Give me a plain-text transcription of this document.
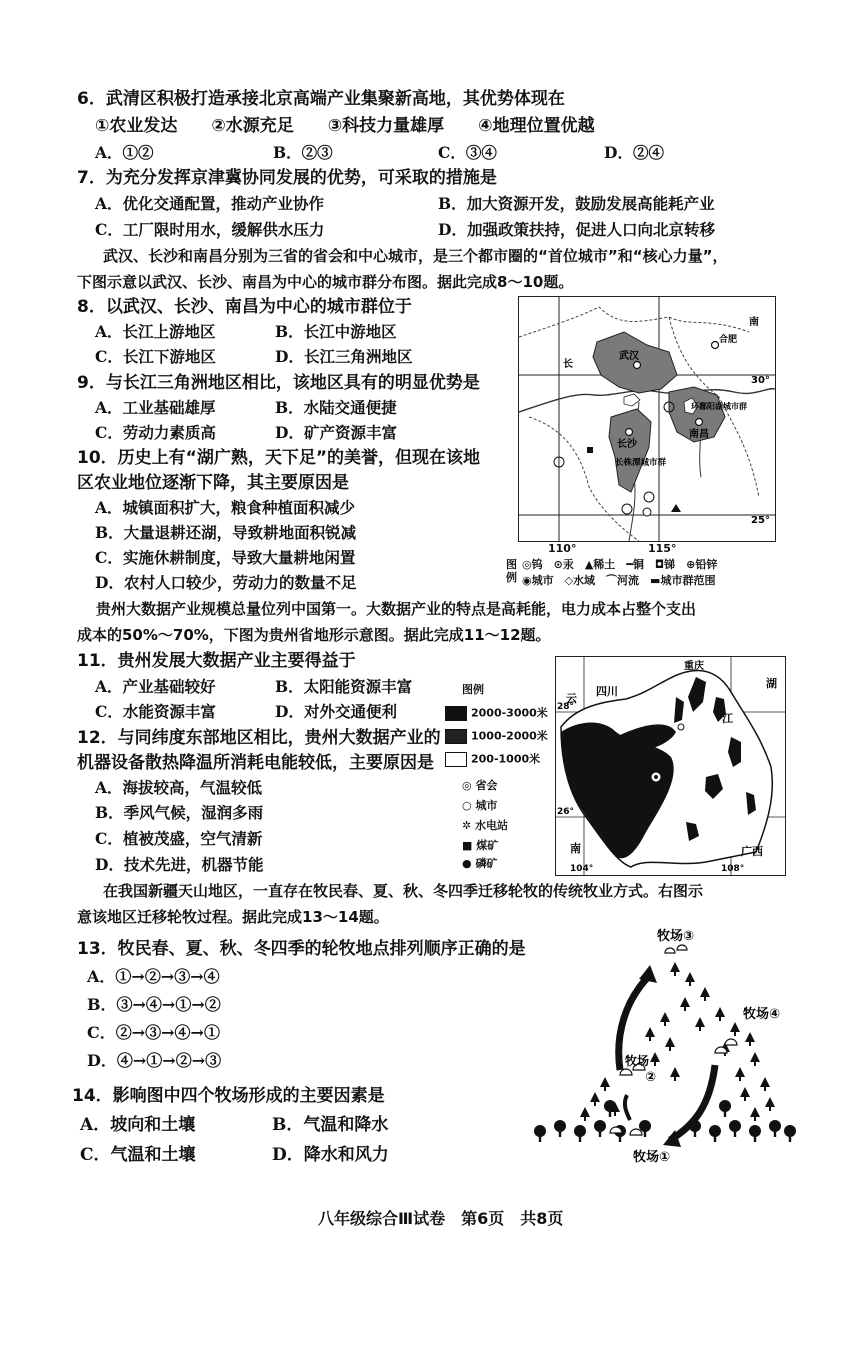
6．武清区积极打造承接北京高端产业集聚新高地，其优势体现在
①农业发达　　②水源充足　　③科技力量雄厚　　④地理位置优越
A．①②	B．②③	C．③④	D．②④
7．为充分发挥京津冀协同发展的优势，可采取的措施是
A．优化交通配置，推动产业协作	B．加大资源开发，鼓励发展高能耗产业
C．工厂限时用水，缓解供水压力	D．加强政策扶持，促进人口向北京转移
武汉、长沙和南昌分别为三省的省会和中心城市，是三个都市圈的“首位城市”和“核心力量”，
下图示意以武汉、长沙、南昌为中心的城市群分布图。据此完成8～10题。
8．以武汉、长沙、南昌为中心的城市群位于
A．长江上游地区	B．长江中游地区
C．长江下游地区	D．长江三角洲地区
9．与长江三角洲地区相比，该地区具有的明显优势是
A．工业基础雄厚	B．水陆交通便捷
C．劳动力素质高	D．矿产资源丰富
10．历史上有“湖广熟，天下足”的美誉，但现在该地
区农业地位逐渐下降，其主要原因是
A．城镇面积扩大，粮食种植面积减少
B．大量退耕还湖，导致耕地面积锐减
C．实施休耕制度，导致大量耕地闲置
D．农村人口较少，劳动力的数量不足
武汉
长沙
长株潭城市群
南昌
环鄱阳湖城市群
合肥
长
南
30°
25°
110°	115°
图例
◎钨　⊙汞　▲稀土　━铜　◘锑　⊕铅锌
◉城市　◇水域　⌒河流　▬城市群范围
贵州大数据产业规模总量位列中国第一。大数据产业的特点是高耗能，电力成本占整个支出
成本的50%～70%，下图为贵州省地形示意图。据此完成11～12题。
11．贵州发展大数据产业主要得益于
A．产业基础较好	B．太阳能资源丰富
C．水能资源丰富	D．对外交通便利
12．与同纬度东部地区相比，贵州大数据产业的
机器设备散热降温所消耗电能较低，主要原因是
A．海拔较高，气温较低
B．季风气候，湿润多雨
C．植被茂盛，空气清新
D．技术先进，机器节能
图例
2000-3000米
1000-2000米
200-1000米
◎ 省会
○ 城市
✲ 水电站
■ 煤矿
● 磷矿
四川
重庆
云
南
湖
广西
遵义
江
28°
26°
104°	108°
在我国新疆天山地区，一直存在牧民春、夏、秋、冬四季迁移轮牧的传统牧业方式。右图示
意该地区迁移轮牧过程。据此完成13～14题。
13．牧民春、夏、秋、冬四季的轮牧地点排列顺序正确的是
A．①→②→③→④
B．③→④→①→②
C．②→③→④→①
D．④→①→②→③
14．影响图中四个牧场形成的主要因素是
A．坡向和土壤	B．气温和降水
C．气温和土壤	D．降水和风力
牧场③
牧场④
牧场
②
牧场①
八年级综合Ⅲ试卷　第6页　共8页
